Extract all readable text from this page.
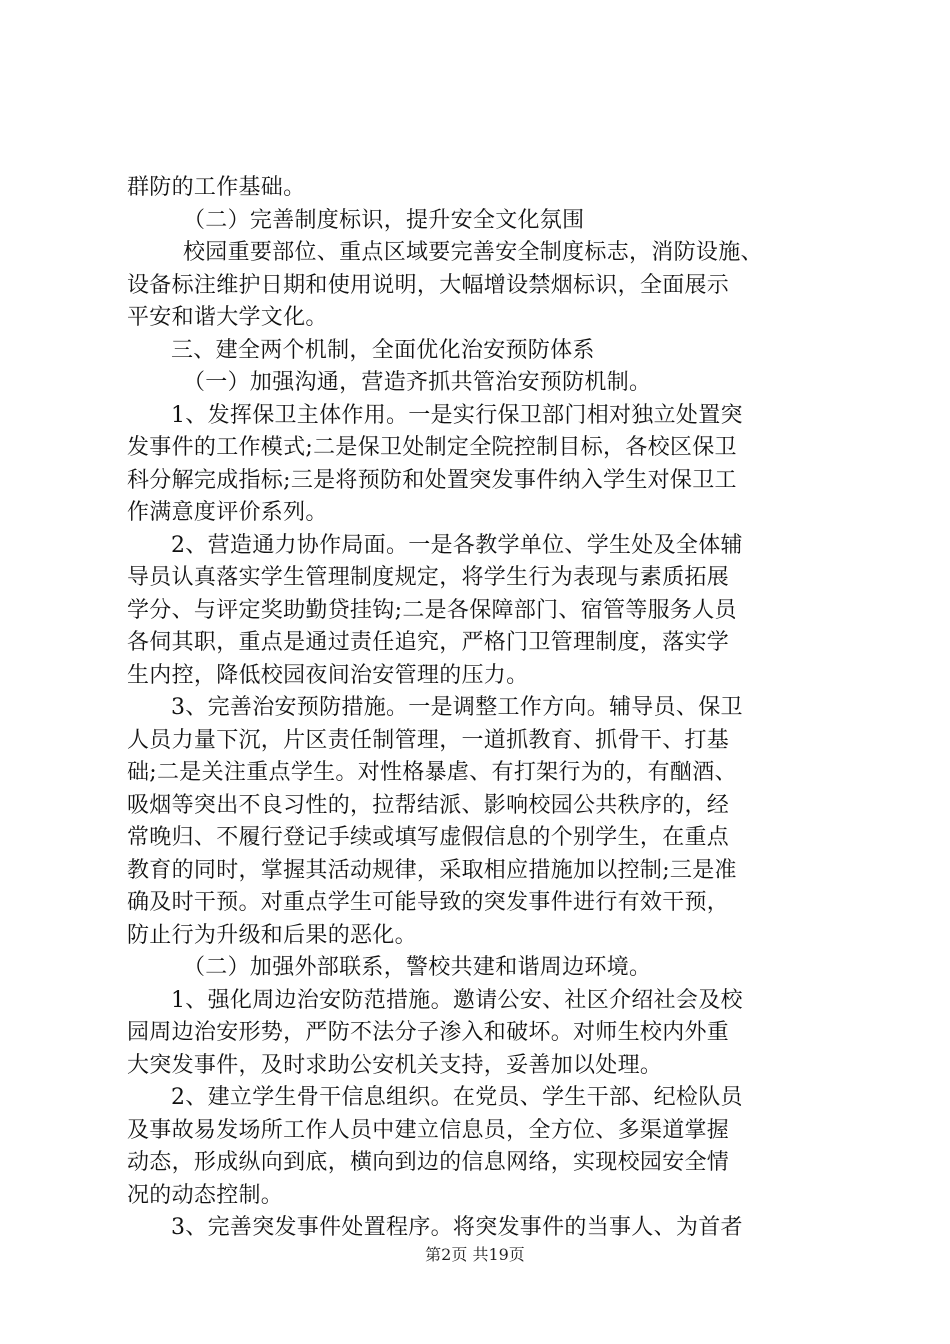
群防的工作基础。
（二）完善制度标识，提升安全文化氛围
校园重要部位、重点区域要完善安全制度标志，消防设施、
设备标注维护日期和使用说明，大幅增设禁烟标识，全面展示
平安和谐大学文化。
三、建全两个机制，全面优化治安预防体系
（一）加强沟通，营造齐抓共管治安预防机制。
1、发挥保卫主体作用。一是实行保卫部门相对独立处置突
发事件的工作模式;二是保卫处制定全院控制目标，各校区保卫
科分解完成指标;三是将预防和处置突发事件纳入学生对保卫工
作满意度评价系列。
2、营造通力协作局面。一是各教学单位、学生处及全体辅
导员认真落实学生管理制度规定，将学生行为表现与素质拓展
学分、与评定奖助勤贷挂钩;二是各保障部门、宿管等服务人员
各伺其职，重点是通过责任追究，严格门卫管理制度，落实学
生内控，降低校园夜间治安管理的压力。
3、完善治安预防措施。一是调整工作方向。辅导员、保卫
人员力量下沉，片区责任制管理，一道抓教育、抓骨干、打基
础;二是关注重点学生。对性格暴虐、有打架行为的，有酗酒、
吸烟等突出不良习性的，拉帮结派、影响校园公共秩序的，经
常晚归、不履行登记手续或填写虚假信息的个别学生，在重点
教育的同时，掌握其活动规律，采取相应措施加以控制;三是准
确及时干预。对重点学生可能导致的突发事件进行有效干预，
防止行为升级和后果的恶化。
（二）加强外部联系，警校共建和谐周边环境。
1、强化周边治安防范措施。邀请公安、社区介绍社会及校
园周边治安形势，严防不法分子渗入和破坏。对师生校内外重
大突发事件，及时求助公安机关支持，妥善加以处理。
2、建立学生骨干信息组织。在党员、学生干部、纪检队员
及事故易发场所工作人员中建立信息员，全方位、多渠道掌握
动态，形成纵向到底，横向到边的信息网络，实现校园安全情
况的动态控制。
3、完善突发事件处置程序。将突发事件的当事人、为首者
第2页 共19页
